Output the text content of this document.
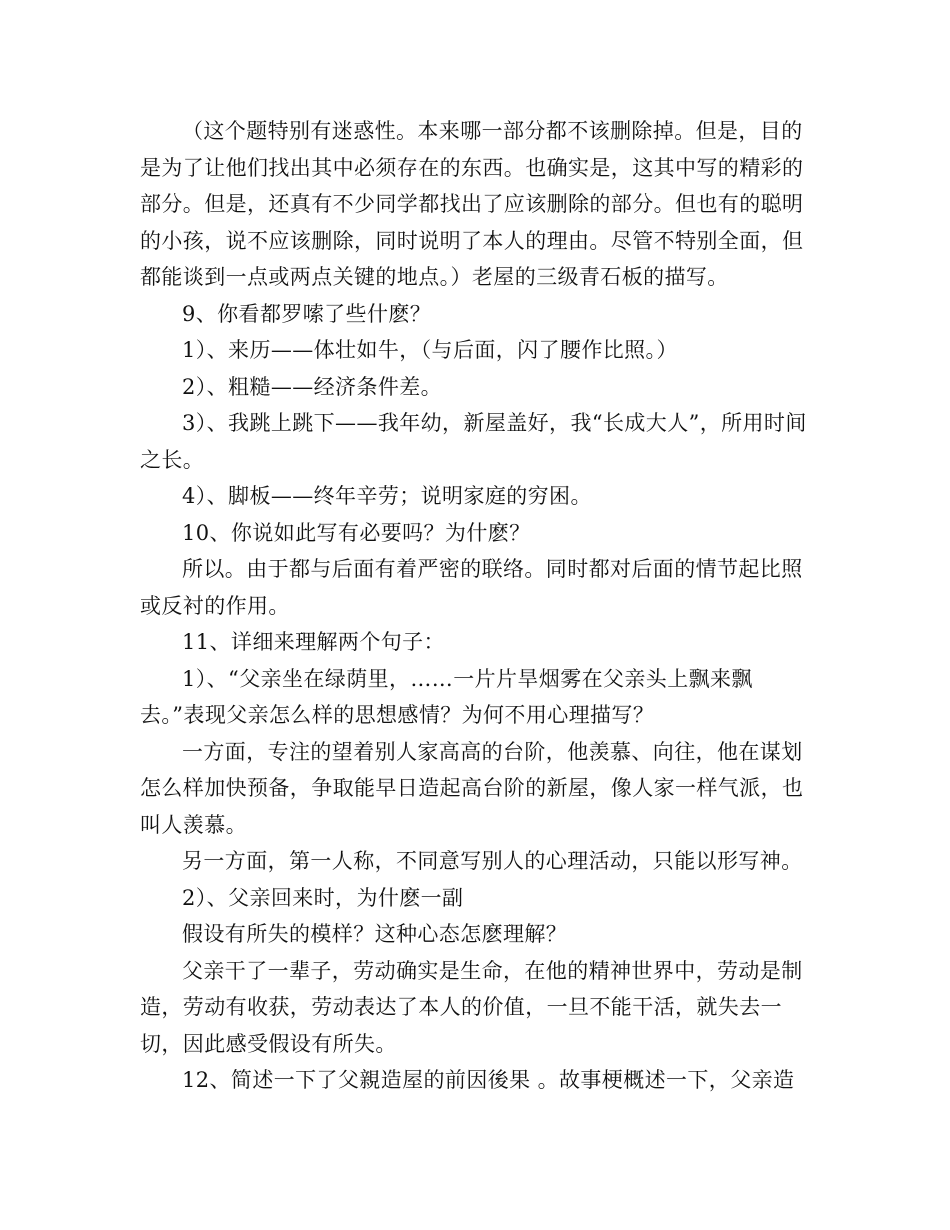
（这个题特别有迷惑性。本来哪一部分都不该删除掉。但是，目的是为了让他们找出其中必须存在的东西。也确实是，这其中写的精彩的部分。但是，还真有不少同学都找出了应该删除的部分。但也有的聪明的小孩，说不应该删除，同时说明了本人的理由。尽管不特别全面，但都能谈到一点或两点关键的地点。）老屋的三级青石板的描写。

9、你看都罗嗦了些什麽？

1）、来历——体壮如牛，（与后面，闪了腰作比照。）

2）、粗糙——经济条件差。

3）、我跳上跳下——我年幼，新屋盖好，我“长成大人”，所用时间之长。

4）、脚板——终年辛劳；说明家庭的穷困。

10、你说如此写有必要吗？为什麽？

所以。由于都与后面有着严密的联络。同时都对后面的情节起比照或反衬的作用。

11、详细来理解两个句子：

1）、“父亲坐在绿荫里，……一片片旱烟雾在父亲头上飘来飘去。”表现父亲怎么样的思想感情？为何不用心理描写？

一方面，专注的望着别人家高高的台阶，他羡慕、向往，他在谋划怎么样加快预备，争取能早日造起高台阶的新屋，像人家一样气派，也叫人羡慕。

另一方面，第一人称，不同意写别人的心理活动，只能以形写神。

2）、父亲回来时，为什麽一副

假设有所失的模样？这种心态怎麽理解？

父亲干了一辈子，劳动确实是生命，在他的精神世界中，劳动是制造，劳动有收获，劳动表达了本人的价值，一旦不能干活，就失去一切，因此感受假设有所失。

12、简述一下了父親造屋的前因後果 。故事梗概述一下，父亲造
